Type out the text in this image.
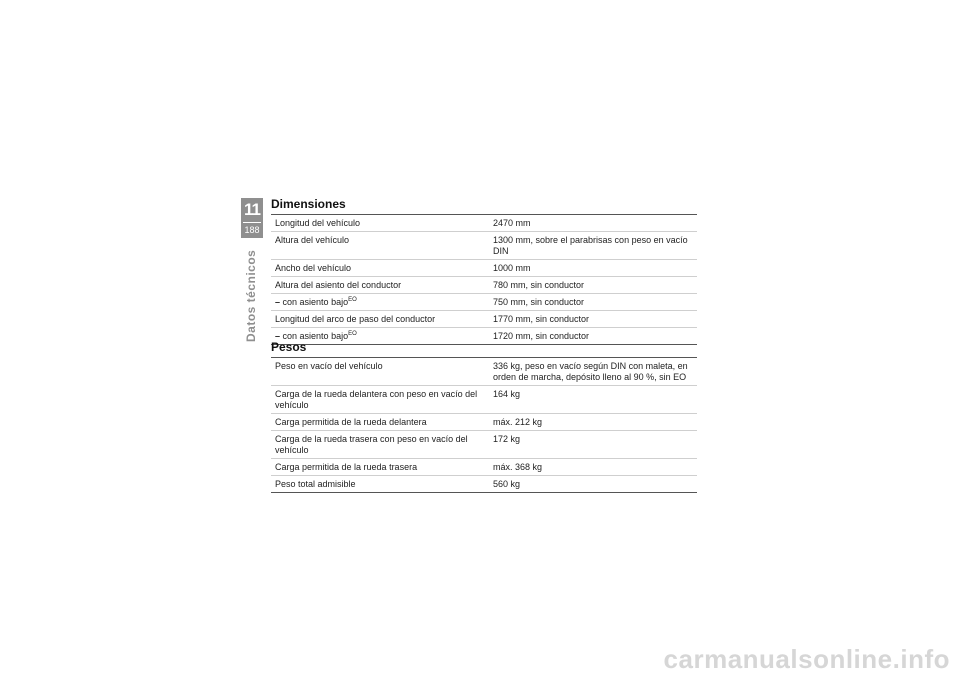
11
188
Datos técnicos
Dimensiones
Longitud del vehículo	2470 mm
Altura del vehículo	1300 mm, sobre el parabrisas con peso en vacío DIN
Ancho del vehículo	1000 mm
Altura del asiento del conductor	780 mm, sin conductor
– con asiento bajo$^{EO}$	750 mm, sin conductor
Longitud del arco de paso del conductor	1770 mm, sin conductor
– con asiento bajo$^{EO}$	1720 mm, sin conductor
Pesos
Peso en vacío del vehículo	336 kg, peso en vacío según DIN con maleta, en orden de marcha, depósito lleno al 90 %, sin EO
Carga de la rueda delantera con peso en vacío del vehículo	164 kg
Carga permitida de la rueda delantera	máx. 212 kg
Carga de la rueda trasera con peso en vacío del vehículo	172 kg
Carga permitida de la rueda trasera	máx. 368 kg
Peso total admisible	560 kg
carmanualsonline.info
